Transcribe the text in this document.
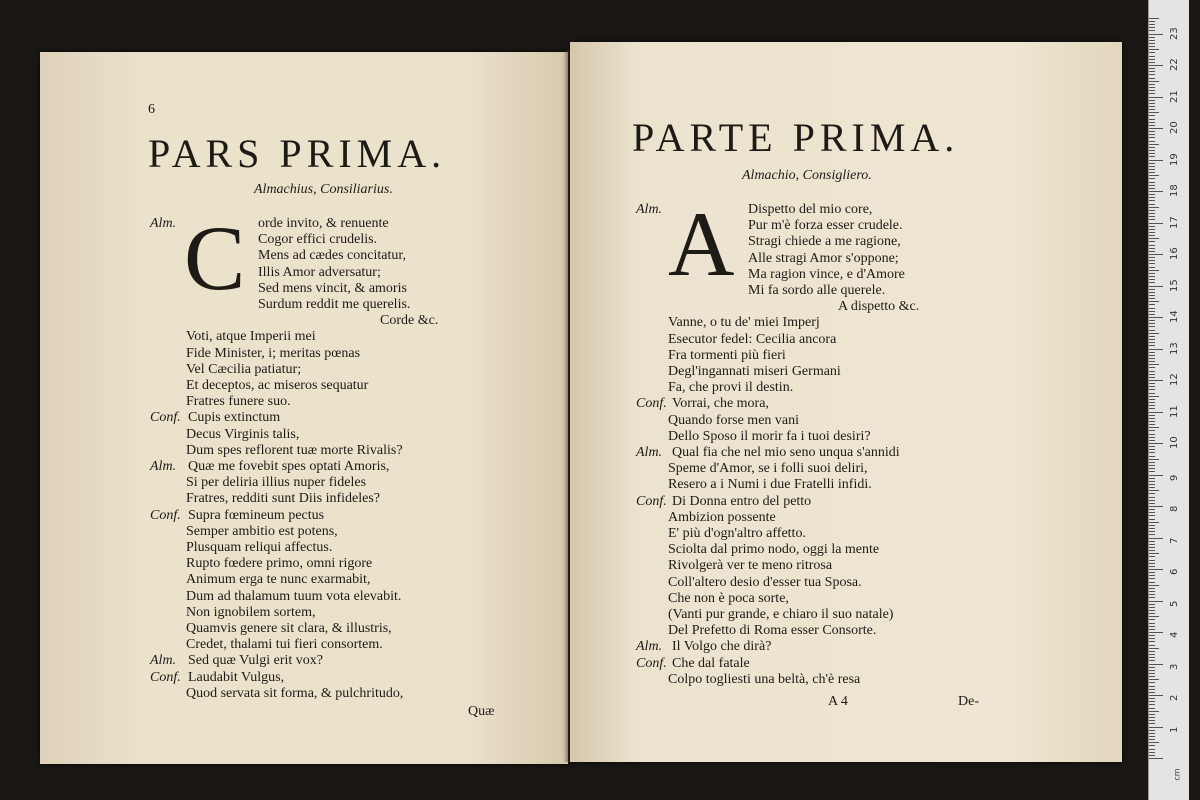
6
PARS PRIMA.
Almachius, Consiliarius.
C
Alm.	orde invito, & renuente
Cogor effici crudelis.
Mens ad cædes concitatur,
Illis Amor adversatur;
Sed mens vincit, & amoris
Surdum reddit me querelis.
Corde &c.
Voti, atque Imperii mei
Fide Minister, i; meritas pœnas
Vel Cæcilia patiatur;
Et deceptos, ac miseros sequatur
Fratres funere suo.
Conf. Cupis extinctum
Decus Virginis talis,
Dum spes reflorent tuæ morte Rivalis?
Alm. Quæ me fovebit spes optati Amoris,
Si per deliria illius nuper fideles
Fratres, redditi sunt Diis infideles?
Conf. Supra fœmineum pectus
Semper ambitio est potens,
Plusquam reliqui affectus.
Rupto fœdere primo, omni rigore
Animum erga te nunc exarmabit,
Dum ad thalamum tuum vota elevabit.
Non ignobilem sortem,
Quamvis genere sit clara, & illustris,
Credet, thalami tui fieri consortem.
Alm. Sed quæ Vulgi erit vox?
Conf. Laudabit Vulgus,
Quod servata sit forma, & pulchritudo,
Quæ
PARTE PRIMA.
Almachio, Consigliero.
A
Alm.	Dispetto del mio core,
Pur m'è forza esser crudele.
Stragi chiede a me ragione,
Alle stragi Amor s'oppone;
Ma ragion vince, e d'Amore
Mi fa sordo alle querele.
A dispetto &c.
Vanne, o tu de' miei Imperj
Esecutor fedel: Cecilia ancora
Fra tormenti più fieri
Degl'ingannati miseri Germani
Fa, che provi il destin.
Conf. Vorrai, che mora,
Quando forse men vani
Dello Sposo il morir fa i tuoi desiri?
Alm. Qual fia che nel mio seno unqua s'annidi
Speme d'Amor, se i folli suoi deliri,
Resero a i Numi i due Fratelli infidi.
Conf. Di Donna entro del petto
Ambizion possente
E' più d'ogn'altro affetto.
Sciolta dal primo nodo, oggi la mente
Rivolgerà ver te meno ritrosa
Coll'altero desio d'esser tua Sposa.
Che non è poca sorte,
(Vanti pur grande, e chiaro il suo natale)
Del Prefetto di Roma esser Consorte.
Alm. Il Volgo che dirà?
Conf. Che dal fatale
Colpo togliesti una beltà, ch'è resa
A 4	De-
cm
1
2
3
4
5
6
7
8
9
10
11
12
13
14
15
16
17
18
19
20
21
22
23
